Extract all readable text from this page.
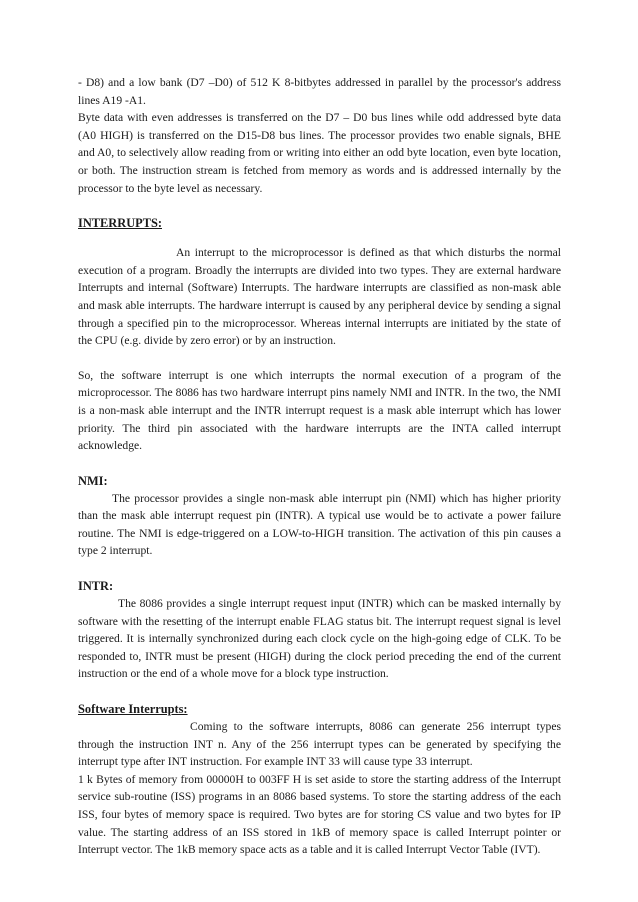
- D8) and a low bank (D7 –D0) of 512 K 8-bitbytes addressed in parallel by the processor's address lines A19 -A1.

Byte data with even addresses is transferred on the D7 – D0 bus lines while odd addressed byte data (A0 HIGH) is transferred on the D15-D8 bus lines. The processor provides two enable signals, BHE and A0, to selectively allow reading from or writing into either an odd byte location, even byte location, or both. The instruction stream is fetched from memory as words and is addressed internally by the processor to the byte level as necessary.

INTERRUPTS:

An interrupt to the microprocessor is defined as that which disturbs the normal execution of a program. Broadly the interrupts are divided into two types. They are external hardware Interrupts and internal (Software) Interrupts. The hardware interrupts are classified as non-mask able and mask able interrupts. The hardware interrupt is caused by any peripheral device by sending a signal through a specified pin to the microprocessor. Whereas internal interrupts are initiated by the state of the CPU (e.g. divide by zero error) or by an instruction.

So, the software interrupt is one which interrupts the normal execution of a program of the microprocessor. The 8086 has two hardware interrupt pins namely NMI and INTR. In the two, the NMI is a non-mask able interrupt and the INTR interrupt request is a mask able interrupt which has lower priority. The third pin associated with the hardware interrupts are the INTA called interrupt acknowledge.

NMI:

The processor provides a single non-mask able interrupt pin (NMI) which has higher priority than the mask able interrupt request pin (INTR). A typical use would be to activate a power failure routine. The NMI is edge-triggered on a LOW-to-HIGH transition. The activation of this pin causes a type 2 interrupt.

INTR:

The 8086 provides a single interrupt request input (INTR) which can be masked internally by software with the resetting of the interrupt enable FLAG status bit. The interrupt request signal is level triggered. It is internally synchronized during each clock cycle on the high-going edge of CLK. To be responded to, INTR must be present (HIGH) during the clock period preceding the end of the current instruction or the end of a whole move for a block type instruction.

Software Interrupts:

Coming to the software interrupts, 8086 can generate 256 interrupt types through the instruction INT n. Any of the 256 interrupt types can be generated by specifying the interrupt type after INT instruction. For example INT 33 will cause type 33 interrupt.

1 k Bytes of memory from 00000H to 003FF H is set aside to store the starting address of the Interrupt service sub-routine (ISS) programs in an 8086 based systems. To store the starting address of the each ISS, four bytes of memory space is required. Two bytes are for storing CS value and two bytes for IP value. The starting address of an ISS stored in 1kB of memory space is called Interrupt pointer or Interrupt vector. The 1kB memory space acts as a table and it is called Interrupt Vector Table (IVT).
